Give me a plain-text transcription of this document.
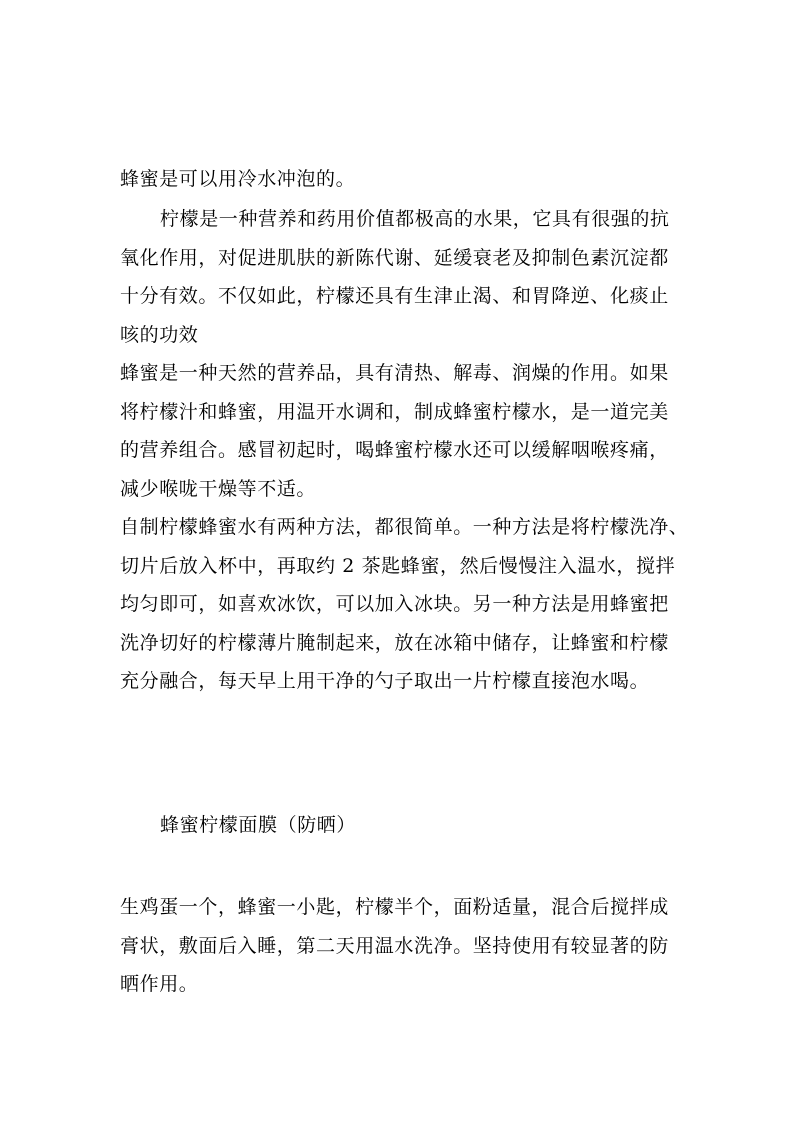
蜂蜜是可以用冷水冲泡的。
柠檬是一种营养和药用价值都极高的水果，它具有很强的抗
氧化作用，对促进肌肤的新陈代谢、延缓衰老及抑制色素沉淀都
十分有效。不仅如此，柠檬还具有生津止渴、和胃降逆、化痰止
咳的功效
蜂蜜是一种天然的营养品，具有清热、解毒、润燥的作用。如果
将柠檬汁和蜂蜜，用温开水调和，制成蜂蜜柠檬水，是一道完美
的营养组合。感冒初起时，喝蜂蜜柠檬水还可以缓解咽喉疼痛，
减少喉咙干燥等不适。
自制柠檬蜂蜜水有两种方法，都很简单。一种方法是将柠檬洗净、
切片后放入杯中，再取约 2 茶匙蜂蜜，然后慢慢注入温水，搅拌
均匀即可，如喜欢冰饮，可以加入冰块。另一种方法是用蜂蜜把
洗净切好的柠檬薄片腌制起来，放在冰箱中储存，让蜂蜜和柠檬
充分融合，每天早上用干净的勺子取出一片柠檬直接泡水喝。
蜂蜜柠檬面膜（防晒）
生鸡蛋一个，蜂蜜一小匙，柠檬半个，面粉适量，混合后搅拌成
膏状，敷面后入睡，第二天用温水洗净。坚持使用有较显著的防
晒作用。
